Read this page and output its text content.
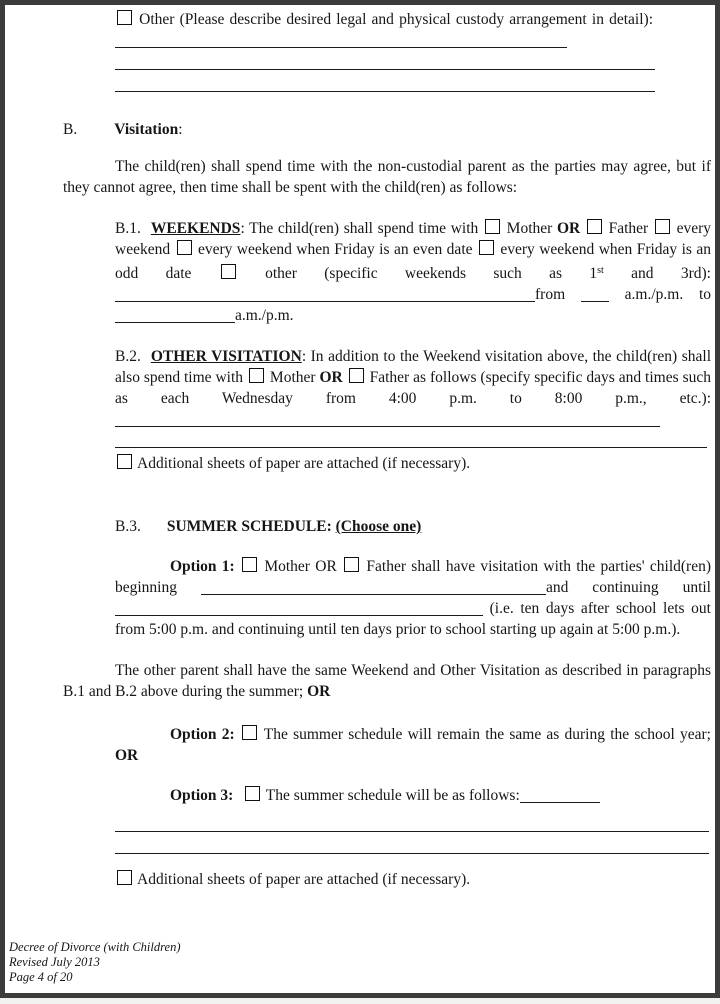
Other (Please describe desired legal and physical custody arrangement in detail):
B. Visitation:
The child(ren) shall spend time with the non-custodial parent as the parties may agree, but if they cannot agree, then time shall be spent with the child(ren) as follows:
B.1. WEEKENDS: The child(ren) shall spend time with  Mother OR  Father  every weekend  every weekend when Friday is an even date  every weekend when Friday is an odd date  other (specific weekends such as 1st and 3rd):from  a.m./p.m. to a.m./p.m.
B.2. OTHER VISITATION: In addition to the Weekend visitation above, the child(ren) shall also spend time with  Mother OR  Father as follows (specify specific days and times such as each Wednesday from 4:00 p.m. to 8:00 p.m., etc.):
Additional sheets of paper are attached (if necessary).
B.3. SUMMER SCHEDULE: (Choose one)
Option 1:  Mother OR  Father shall have visitation with the parties' child(ren) beginning	and continuing until  (i.e. ten days after school lets out from 5:00 p.m. and continuing until ten days prior to school starting up again at 5:00 p.m.).
The other parent shall have the same Weekend and Other Visitation as described in paragraphs B.1 and B.2 above during the summer; OR
Option 2:  The summer schedule will remain the same as during the school year; OR
Option 3:  The summer schedule will be as follows:
Additional sheets of paper are attached (if necessary).
Decree of Divorce (with Children)
Revised July 2013
Page 4 of 20
